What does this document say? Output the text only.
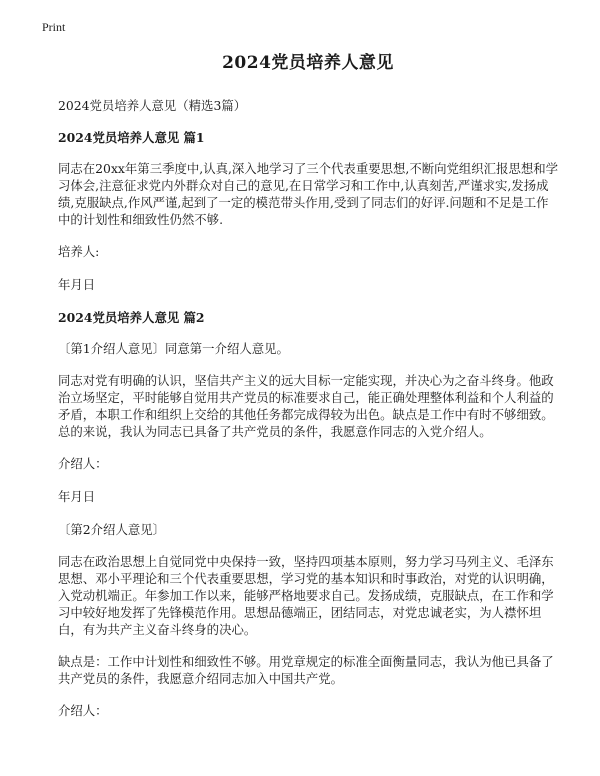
Print
2024党员培养人意见

2024党员培养人意见（精选3篇）

2024党员培养人意见 篇1

同志在20xx年第三季度中,认真,深入地学习了三个代表重要思想,不断向党组织汇报思想和学习体会,注意征求党内外群众对自己的意见,在日常学习和工作中,认真刻苦,严谨求实,发扬成绩,克服缺点,作风严谨,起到了一定的模范带头作用,受到了同志们的好评.问题和不足是工作中的计划性和细致性仍然不够.

培养人:

年月日

2024党员培养人意见 篇2

〔第1介绍人意见〕同意第一介绍人意见。

同志对党有明确的认识，坚信共产主义的远大目标一定能实现，并决心为之奋斗终身。他政治立场坚定，平时能够自觉用共产党员的标准要求自己，能正确处理整体利益和个人利益的矛盾，本职工作和组织上交给的其他任务都完成得较为出色。缺点是工作中有时不够细致。总的来说，我认为同志已具备了共产党员的条件，我愿意作同志的入党介绍人。

介绍人：

年月日

〔第2介绍人意见〕

同志在政治思想上自觉同党中央保持一致，坚持四项基本原则，努力学习马列主义、毛泽东思想、邓小平理论和三个代表重要思想，学习党的基本知识和时事政治，对党的认识明确，入党动机端正。年参加工作以来，能够严格地要求自己。发扬成绩，克服缺点，在工作和学习中较好地发挥了先锋模范作用。思想品德端正，团结同志，对党忠诚老实，为人襟怀坦白，有为共产主义奋斗终身的决心。

缺点是：工作中计划性和细致性不够。用党章规定的标准全面衡量同志，我认为他已具备了共产党员的条件，我愿意介绍同志加入中国共产党。

介绍人：
